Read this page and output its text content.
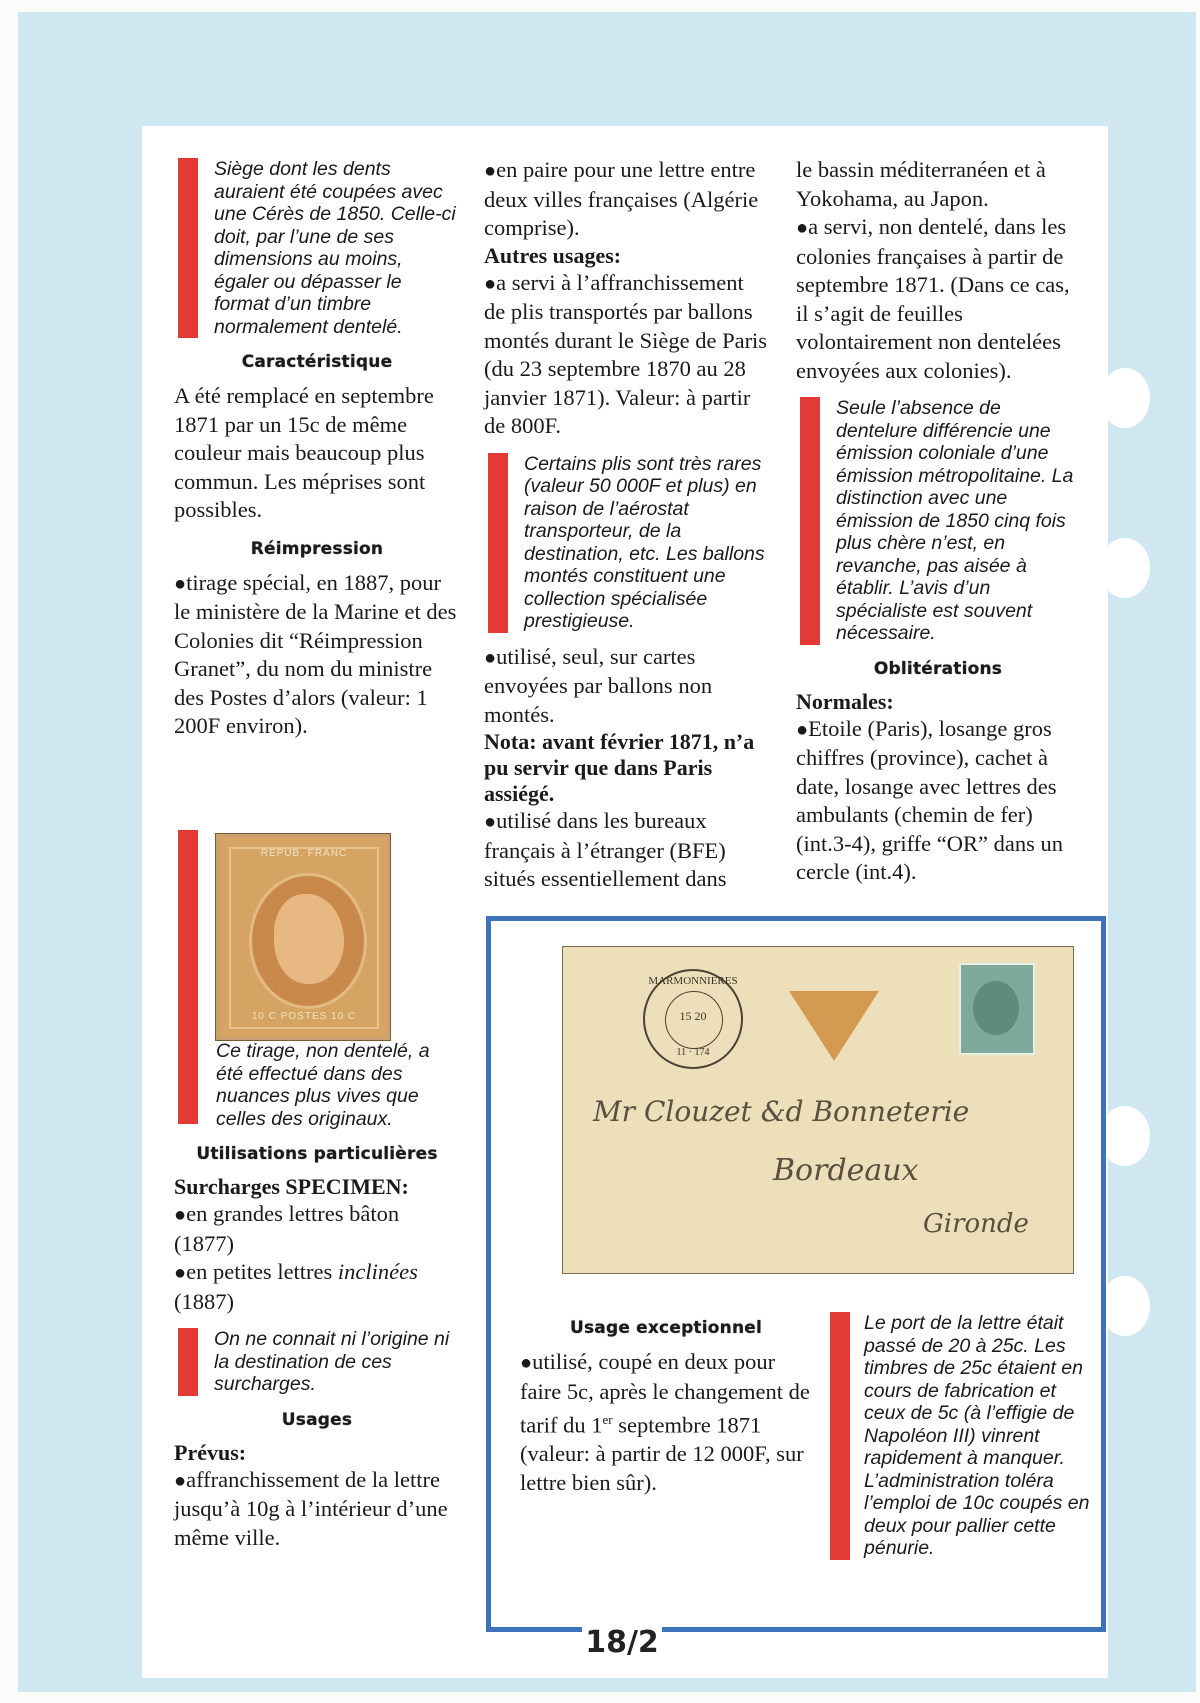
Siège dont les dents auraient été coupées avec une Cérès de 1850. Celle-ci doit, par l’une de ses dimensions au moins, égaler ou dépasser le format d’un timbre normalement dentelé.
Caractéristique

A été remplacé en septembre 1871 par un 15c de même couleur mais beaucoup plus commun. Les méprises sont possibles.

Réimpression

●tirage spécial, en 1887, pour le ministère de la Marine et des Colonies dit “Réimpression Granet”, du nom du ministre des Postes d’alors (valeur: 1 200F environ).

REPUB. FRANC
10 C POSTES 10 C
Ce tirage, non dentelé, a été effectué dans des nuances plus vives que celles des originaux.
Utilisations particulières

Surcharges SPECIMEN:

●en grandes lettres bâton (1877)

●en petites lettres inclinées
(1887)

On ne connait ni l’origine ni la destination de ces surcharges.
Usages

Prévus:

●affranchissement de la lettre jusqu’à 10g à l’intérieur d’une même ville.

●en paire pour une lettre entre deux villes françaises (Algérie comprise).

Autres usages:

●a servi à l’affranchissement de plis transportés par ballons montés durant le Siège de Paris (du 23 septembre 1870 au 28 janvier 1871). Valeur: à partir de 800F.

Certains plis sont très rares (valeur 50 000F et plus) en raison de l’aérostat transporteur, de la destination, etc. Les ballons montés constituent une collection spécialisée prestigieuse.

●utilisé, seul, sur cartes envoyées par ballons non montés.

Nota: avant février 1871, n’a pu servir que dans Paris assiégé.

●utilisé dans les bureaux français à l’étranger (BFE) situés essentiellement dans

le bassin méditerranéen et à Yokohama, au Japon.

●a servi, non dentelé, dans les colonies françaises à partir de septembre 1871. (Dans ce cas, il s’agit de feuilles volontairement non dentelées envoyées aux colonies).

Seule l’absence de dentelure différencie une émission coloniale d’une émission métropolitaine. La distinction avec une émission de 1850 cinq fois plus chère n’est, en revanche, pas aisée à établir. L’avis d’un spécialiste est souvent nécessaire.
Oblitérations

Normales:

●Etoile (Paris), losange gros chiffres (province), cachet à date, losange avec lettres des ambulants (chemin de fer) (int.3-4), griffe “OR” dans un cercle (int.4).

MARMONNIERES
15 20
11 · 174
Mr Clouzet &d Bonneterie
Bordeaux
Gironde
Usage exceptionnel

●utilisé, coupé en deux pour faire 5c, après le changement de tarif du 1er septembre 1871 (valeur: à partir de 12 000F, sur lettre bien sûr).

Le port de la lettre était passé de 20 à 25c. Les timbres de 25c étaient en cours de fabrication et ceux de 5c (à l’effigie de Napoléon III) vinrent rapidement à manquer. L’administration toléra l’emploi de 10c coupés en deux pour pallier cette pénurie.
18/2
